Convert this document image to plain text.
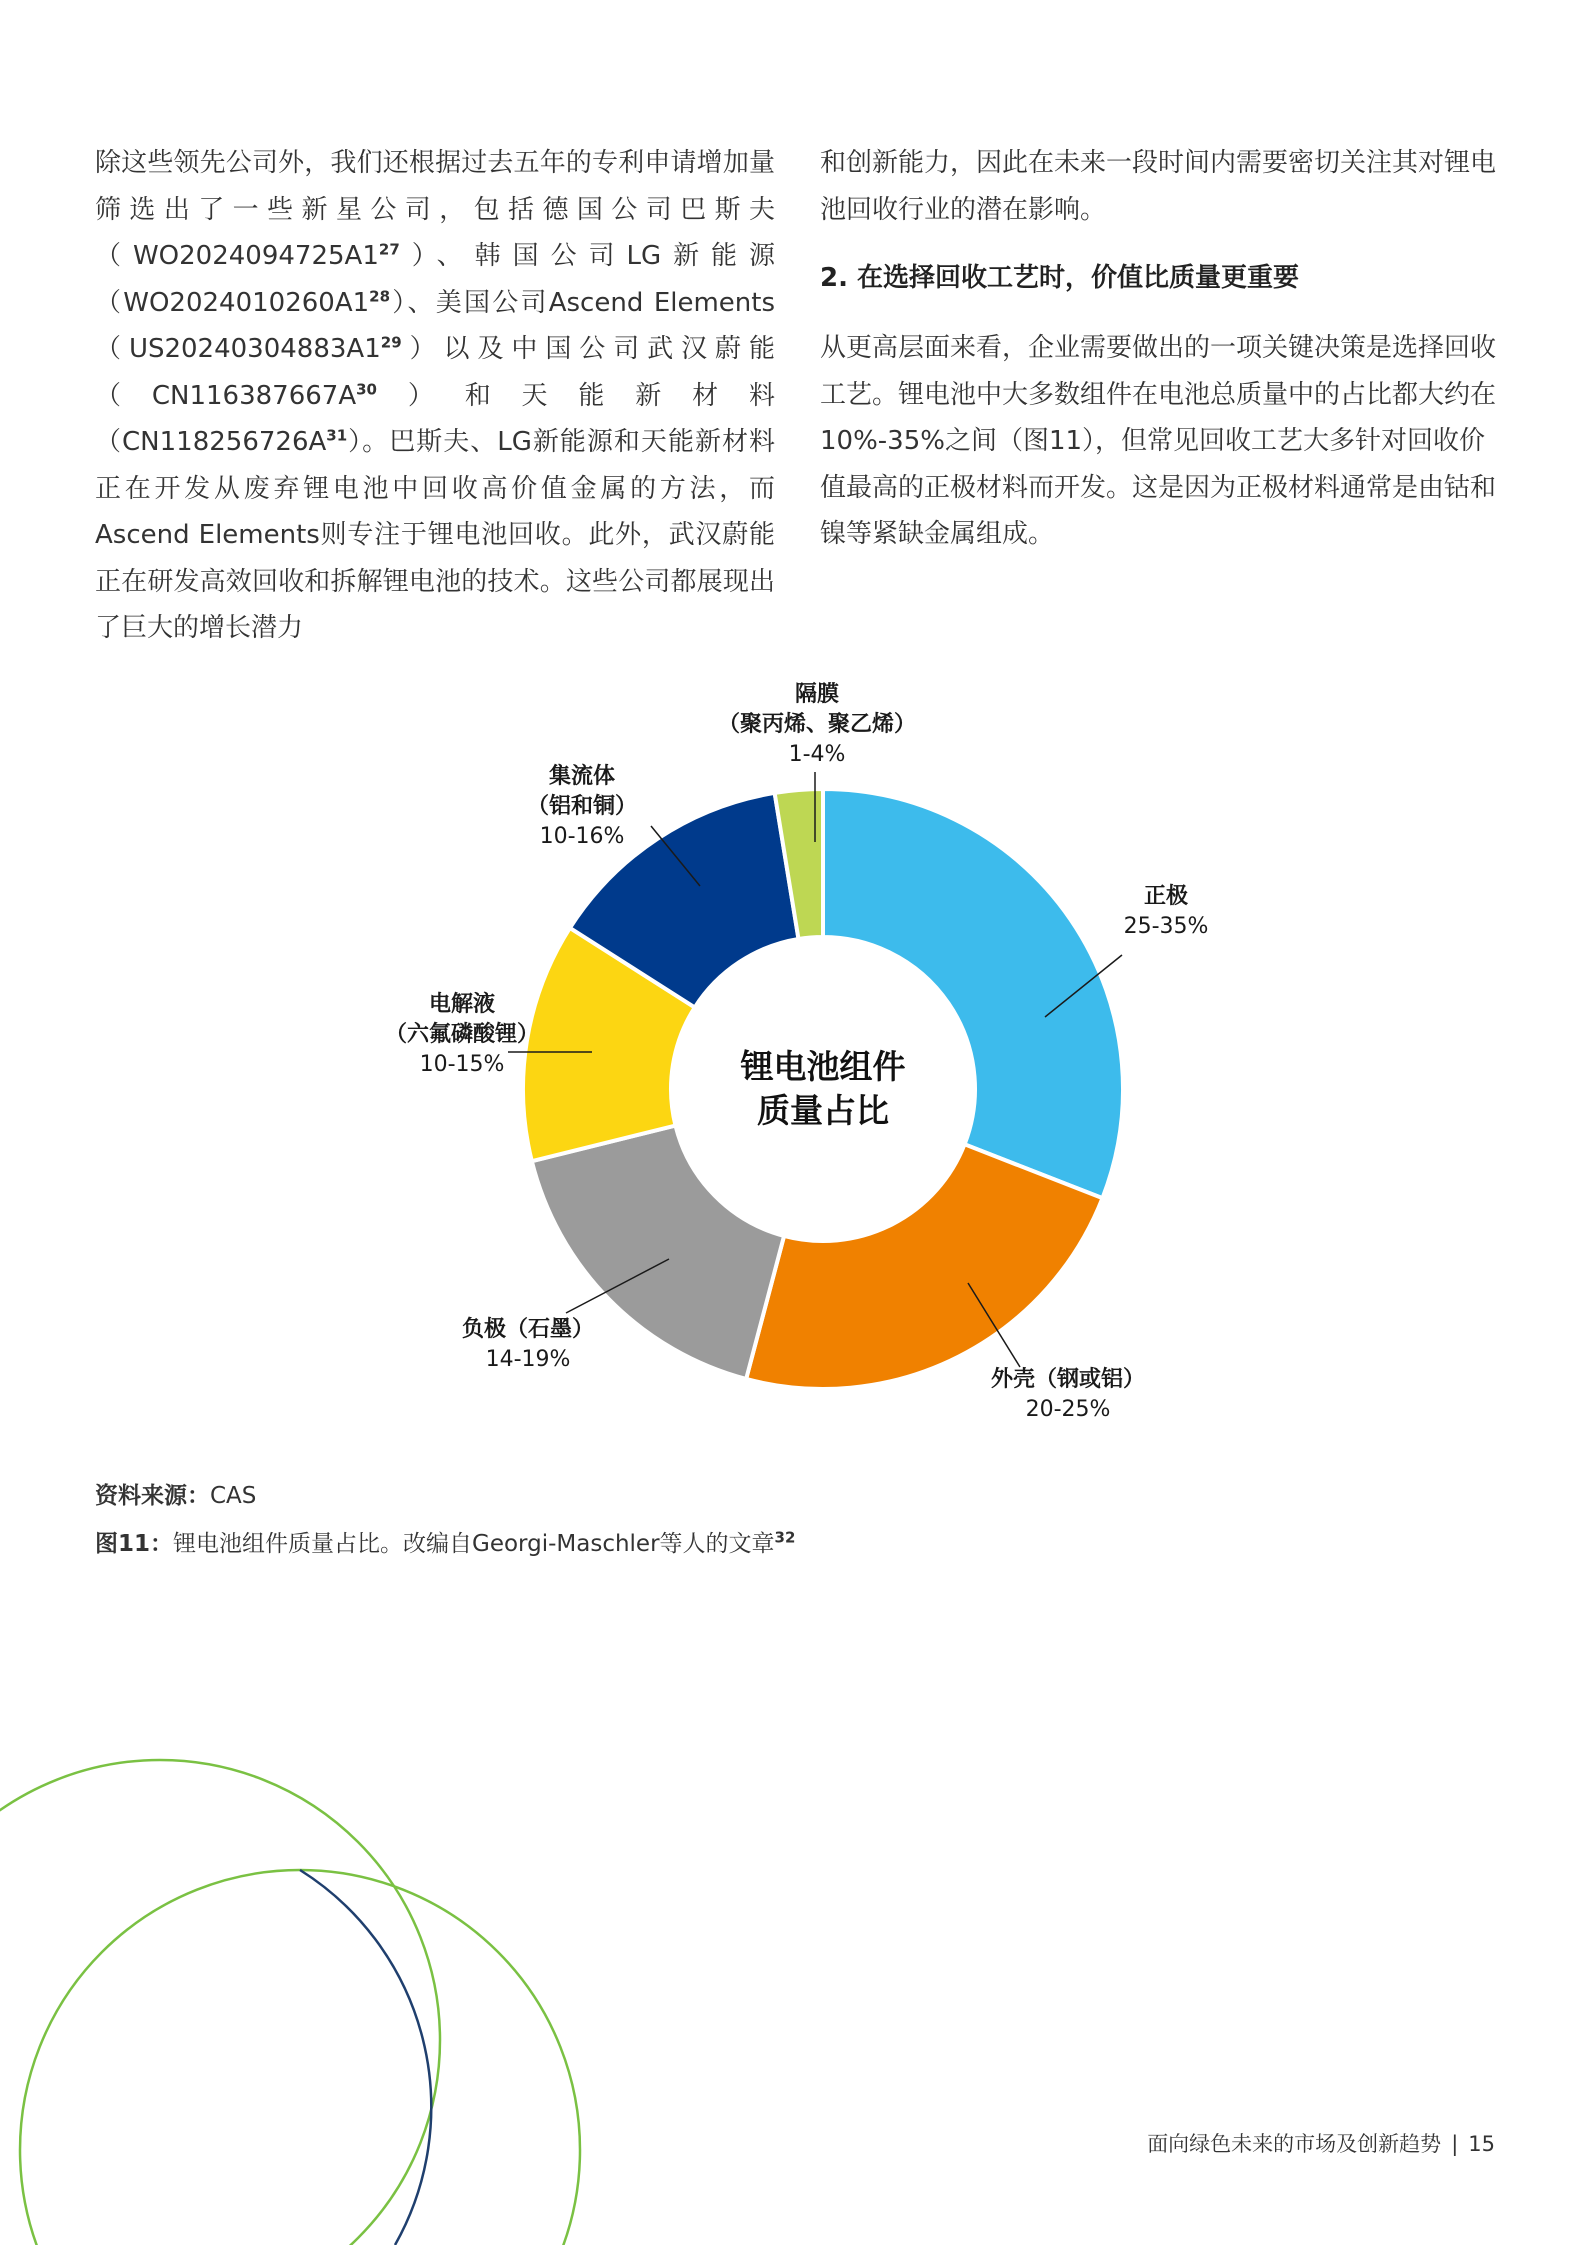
除这些领先公司外，我们还根据过去五年的专利申请增加量筛选出了一些新星公司，包括德国公司巴斯夫$(WO2024094725A1^{27})$、韩国公司LG新能源$(WO2024010260A1^{28})$、美国公司Ascend $Elements(US20240304883A1^{29})$以及中国公司武汉蔚能$(CN116387667A^{30})$和天能新材料$(CN118256726A^{31})$。巴斯夫、LG新能源和天能新材料正在开发从废弃锂电池中回收高价值金属的方法，而Ascend Elements则专注于锂电池回收。此外，武汉蔚能正在研发高效回收和拆解锂电池的技术。这些公司都展现出了巨大的增长潜力

和创新能力，因此在未来一段时间内需要密切关注其对锂电池回收行业的潜在影响。

2. 在选择回收工艺时，价值比质量更重要

从更高层面来看，企业需要做出的一项关键决策是选择回收工艺。锂电池中大多数组件在电池总质量中的占比都大约在10%-35%之间（图11），但常见回收工艺大多针对回收价值最高的正极材料而开发。这是因为正极材料通常是由钴和镍等紧缺金属组成。

锂电池组件
质量占比
正极
25-35%
外壳（钢或铝）
20-25%
负极（石墨）
14-19%
电解液
（六氟磷酸锂）
10-15%
集流体
（铝和铜）
10-16%
隔膜
（聚丙烯、聚乙烯）
1-4%
资料来源：CAS
图11：锂电池组件质量占比。改编自Georgi-Maschler等人的文章$^{32}$
面向绿色未来的市场及创新趋势 | 15
